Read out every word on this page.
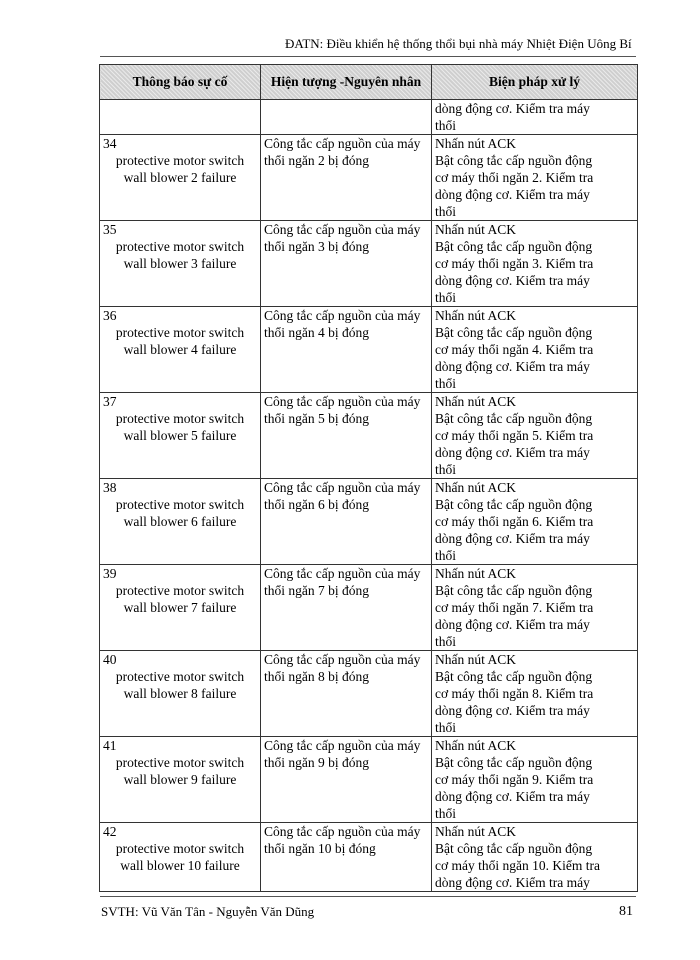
ĐATN: Điều khiển hệ thống thổi bụi nhà máy Nhiệt Điện Uông Bí
Thông báo sự cố	Hiện tượng -Nguyên nhân	Biện pháp xử lý

		dòng động cơ. Kiểm tra máy
thổi

34
protective motor switch wall blower 2 failure	Công tắc cấp nguồn của máy thổi ngăn 2 bị đóng	Nhấn nút ACK
Bật công tắc cấp nguồn động
cơ máy thổi ngăn 2. Kiểm tra
dòng động cơ. Kiểm tra máy
thổi

35
protective motor switch wall blower 3 failure	Công tắc cấp nguồn của máy thổi ngăn 3 bị đóng	Nhấn nút ACK
Bật công tắc cấp nguồn động
cơ máy thổi ngăn 3. Kiểm tra
dòng động cơ. Kiểm tra máy
thổi

36
protective motor switch wall blower 4 failure	Công tắc cấp nguồn của máy thổi ngăn 4 bị đóng	Nhấn nút ACK
Bật công tắc cấp nguồn động
cơ máy thổi ngăn 4. Kiểm tra
dòng động cơ. Kiểm tra máy
thổi

37
protective motor switch wall blower 5 failure	Công tắc cấp nguồn của máy thổi ngăn 5 bị đóng	Nhấn nút ACK
Bật công tắc cấp nguồn động
cơ máy thổi ngăn 5. Kiểm tra
dòng động cơ. Kiểm tra máy
thổi

38
protective motor switch wall blower 6 failure	Công tắc cấp nguồn của máy thổi ngăn 6 bị đóng	Nhấn nút ACK
Bật công tắc cấp nguồn động
cơ máy thổi ngăn 6. Kiểm tra
dòng động cơ. Kiểm tra máy
thổi

39
protective motor switch wall blower 7 failure	Công tắc cấp nguồn của máy thổi ngăn 7 bị đóng	Nhấn nút ACK
Bật công tắc cấp nguồn động
cơ máy thổi ngăn 7. Kiểm tra
dòng động cơ. Kiểm tra máy
thổi

40
protective motor switch wall blower 8 failure	Công tắc cấp nguồn của máy thổi ngăn 8 bị đóng	Nhấn nút ACK
Bật công tắc cấp nguồn động
cơ máy thổi ngăn 8. Kiểm tra
dòng động cơ. Kiểm tra máy
thổi

41
protective motor switch wall blower 9 failure	Công tắc cấp nguồn của máy thổi ngăn 9 bị đóng	Nhấn nút ACK
Bật công tắc cấp nguồn động
cơ máy thổi ngăn 9. Kiểm tra
dòng động cơ. Kiểm tra máy
thổi

42
protective motor switch wall blower 10 failure	Công tắc cấp nguồn của máy thổi ngăn 10 bị đóng	Nhấn nút ACK
Bật công tắc cấp nguồn động
cơ máy thổi ngăn 10. Kiểm tra
dòng động cơ. Kiểm tra máy
SVTH: Vũ Văn Tân - Nguyễn Văn Dũng	81
